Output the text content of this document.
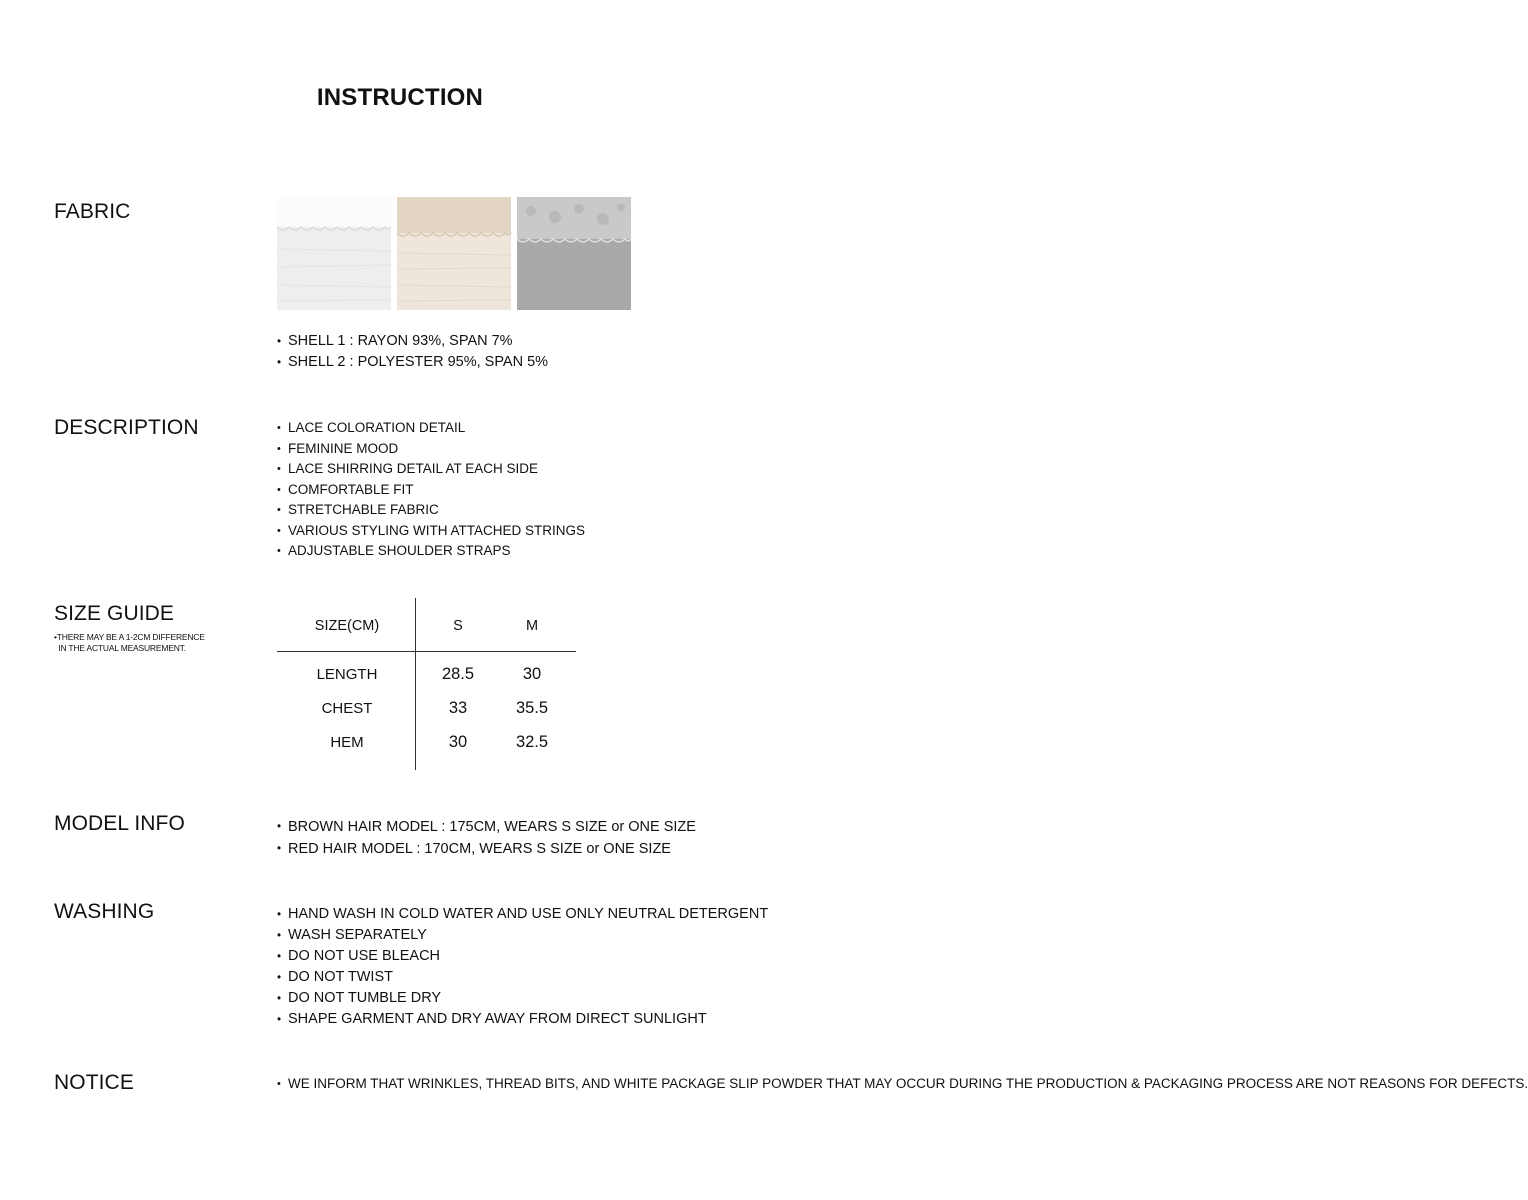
INSTRUCTION
FABRIC
• SHELL 1 : RAYON 93%, SPAN 7%
• SHELL 2 : POLYESTER 95%, SPAN 5%
DESCRIPTION	• LACE COLORATION DETAIL
• FEMININE MOOD
• LACE SHIRRING DETAIL AT EACH SIDE
• COMFORTABLE FIT
• STRETCHABLE FABRIC
• VARIOUS STYLING WITH ATTACHED STRINGS
• ADJUSTABLE SHOULDER STRAPS
SIZE GUIDE
•THERE MAY BE A 1-2CM DIFFERENCE
IN THE ACTUAL MEASUREMENT.
SIZE(CM)	S	M
LENGTH	28.5	30
CHEST	33	35.5
HEM	30	32.5
MODEL INFO	• BROWN HAIR MODEL : 175CM, WEARS S SIZE or ONE SIZE
• RED HAIR MODEL : 170CM, WEARS S SIZE or ONE SIZE
WASHING	• HAND WASH IN COLD WATER AND USE ONLY NEUTRAL DETERGENT
• WASH SEPARATELY
• DO NOT USE BLEACH
• DO NOT TWIST
• DO NOT TUMBLE DRY
• SHAPE GARMENT AND DRY AWAY FROM DIRECT SUNLIGHT
NOTICE	• WE INFORM THAT WRINKLES, THREAD BITS, AND WHITE PACKAGE SLIP POWDER THAT MAY OCCUR DURING THE PRODUCTION & PACKAGING PROCESS ARE NOT REASONS FOR DEFECTS.
